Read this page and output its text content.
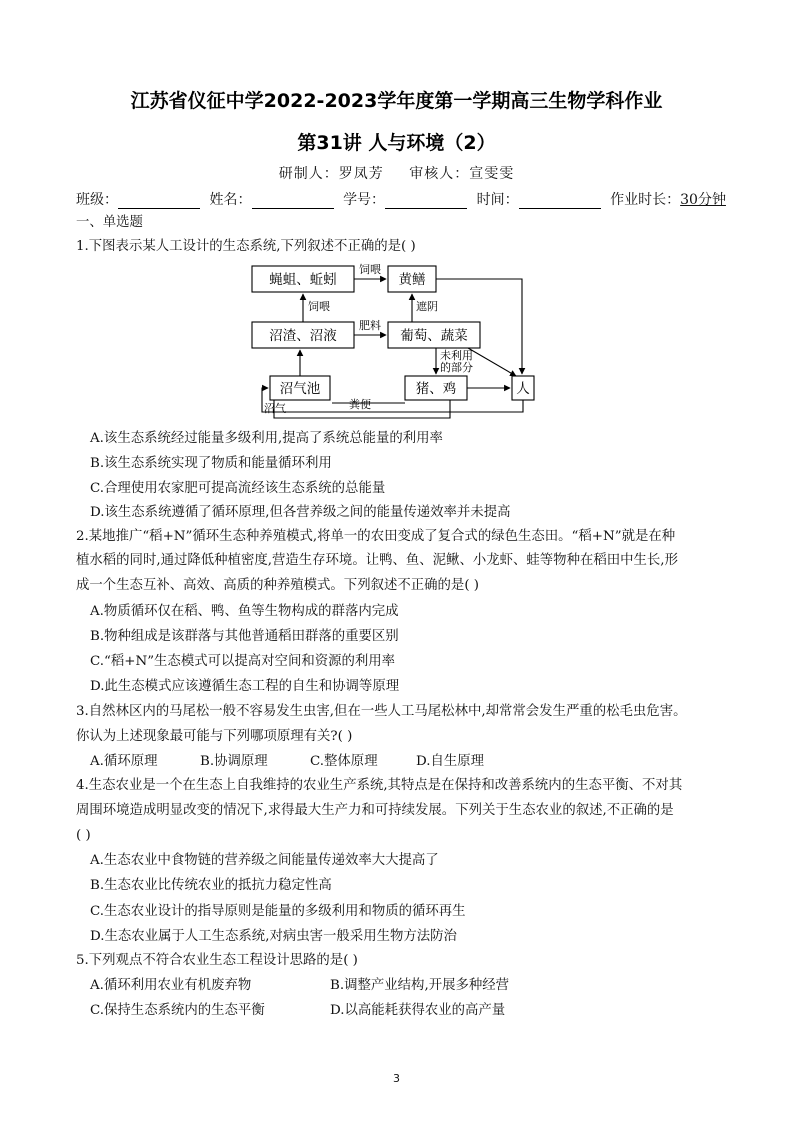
江苏省仪征中学2022-2023学年度第一学期高三生物学科作业
第31讲 人与环境（2）
研制人：罗凤芳 审核人：宣雯雯
班级：	姓名：	学号：	时间：	作业时长：30分钟
一、单选题
1.下图表示某人工设计的生态系统,下列叙述不正确的是( )
蝇蛆、蚯蚓	黄鳝
沼渣、沼液	葡萄、蔬菜
沼气池	猪、鸡	人
饲喂
饲喂	遮阴
肥料
未利用
的部分
粪便
沼气
A.该生态系统经过能量多级利用,提高了系统总能量的利用率
B.该生态系统实现了物质和能量循环利用
C.合理使用农家肥可提高流经该生态系统的总能量
D.该生态系统遵循了循环原理,但各营养级之间的能量传递效率并未提高
2.某地推广“稻+N”循环生态种养殖模式,将单一的农田变成了复合式的绿色生态田。“稻+N”就是在种
植水稻的同时,通过降低种植密度,营造生存环境。让鸭、鱼、泥鳅、小龙虾、蛙等物种在稻田中生长,形
成一个生态互补、高效、高质的种养殖模式。下列叙述不正确的是( )
A.物质循环仅在稻、鸭、鱼等生物构成的群落内完成
B.物种组成是该群落与其他普通稻田群落的重要区别
C.“稻+N”生态模式可以提高对空间和资源的利用率
D.此生态模式应该遵循生态工程的自生和协调等原理
3.自然林区内的马尾松一般不容易发生虫害,但在一些人工马尾松林中,却常常会发生严重的松毛虫危害。
你认为上述现象最可能与下列哪项原理有关?( )
A.循环原理	B.协调原理	C.整体原理	D.自生原理
4.生态农业是一个在生态上自我维持的农业生产系统,其特点是在保持和改善系统内的生态平衡、不对其
周围环境造成明显改变的情况下,求得最大生产力和可持续发展。下列关于生态农业的叙述,不正确的是
( )
A.生态农业中食物链的营养级之间能量传递效率大大提高了
B.生态农业比传统农业的抵抗力稳定性高
C.生态农业设计的指导原则是能量的多级利用和物质的循环再生
D.生态农业属于人工生态系统,对病虫害一般采用生物方法防治
5.下列观点不符合农业生态工程设计思路的是( )
A.循环利用农业有机废弃物	B.调整产业结构,开展多种经营
C.保持生态系统内的生态平衡	D.以高能耗获得农业的高产量
3
